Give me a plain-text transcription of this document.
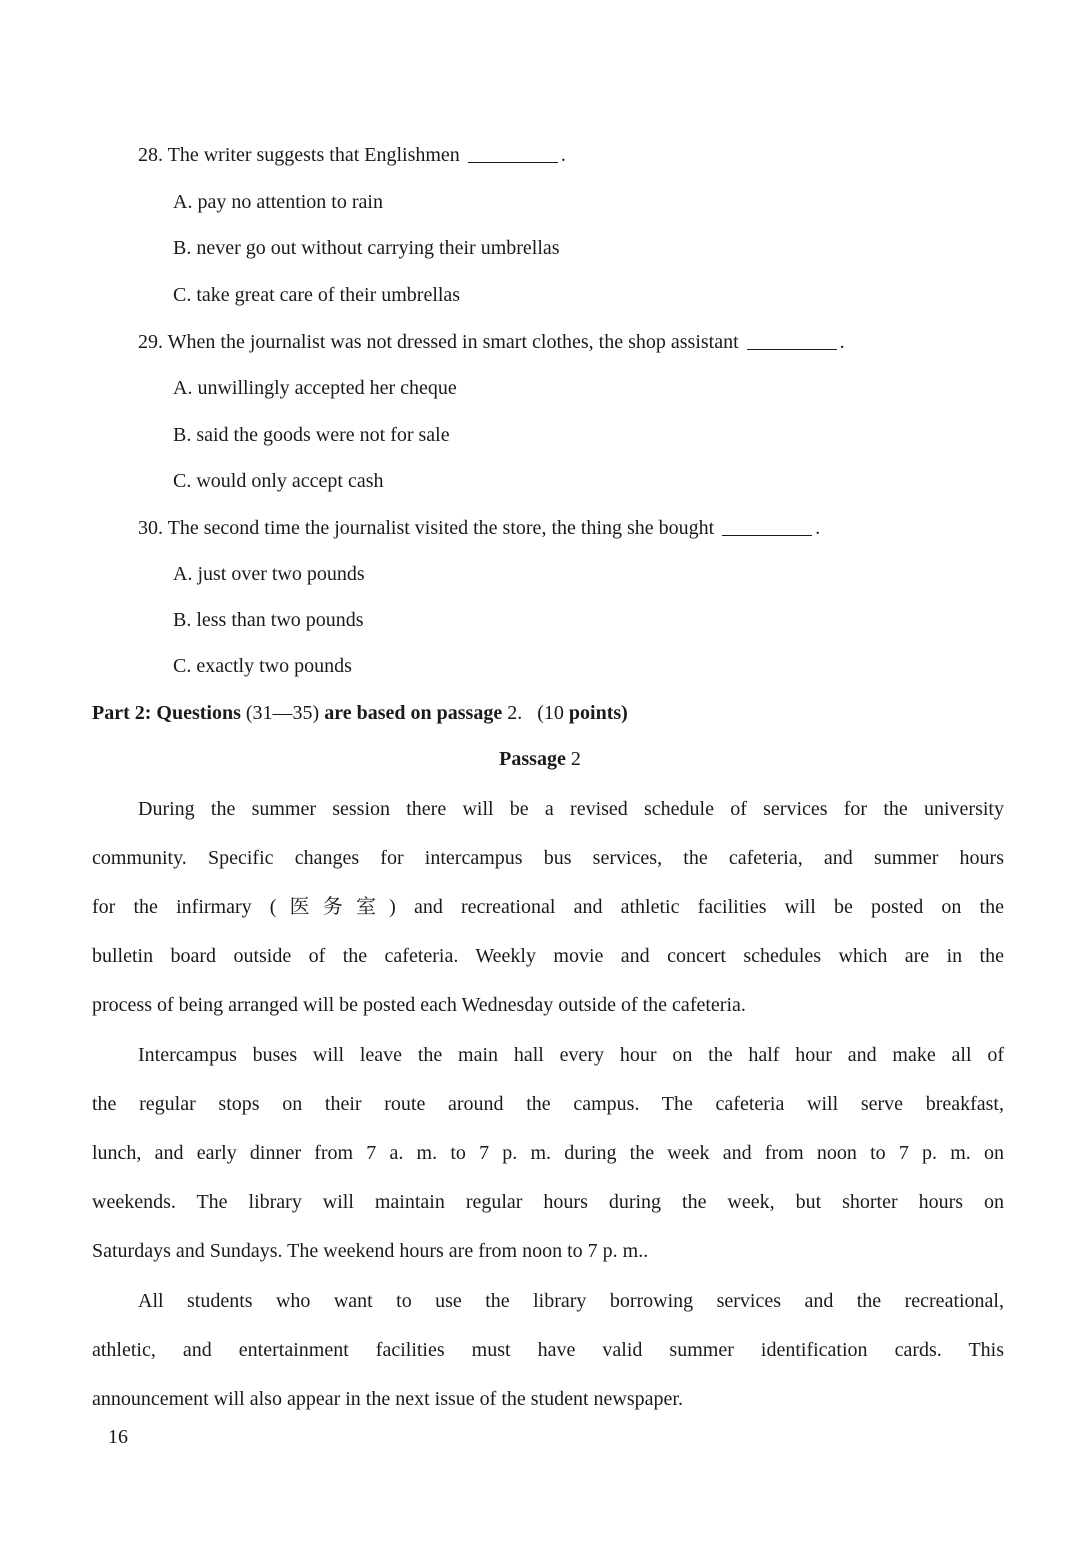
28. The writer suggests that Englishmen	.
A. pay no attention to rain
B. never go out without carrying their umbrellas
C. take great care of their umbrellas
29. When the journalist was not dressed in smart clothes, the shop assistant	.
A. unwillingly accepted her cheque
B. said the goods were not for sale
C. would only accept cash
30. The second time the journalist visited the store, the thing she bought	.
A. just over two pounds
B. less than two pounds
C. exactly two pounds
Part 2: Questions (31—35) are based on passage 2. (10 points)
Passage 2
During the summer session there will be a revised schedule of services for the university
community. Specific changes for intercampus bus services, the cafeteria, and summer hours
for the infirmary (医务室) and recreational and athletic facilities will be posted on the
bulletin board outside of the cafeteria. Weekly movie and concert schedules which are in the
process of being arranged will be posted each Wednesday outside of the cafeteria.
Intercampus buses will leave the main hall every hour on the half hour and make all of
the regular stops on their route around the campus. The cafeteria will serve breakfast,
lunch, and early dinner from 7 a. m. to 7 p. m. during the week and from noon to 7 p. m. on
weekends. The library will maintain regular hours during the week, but shorter hours on
Saturdays and Sundays. The weekend hours are from noon to 7 p. m..
All students who want to use the library borrowing services and the recreational,
athletic, and entertainment facilities must have valid summer identification cards. This
announcement will also appear in the next issue of the student newspaper.
16
